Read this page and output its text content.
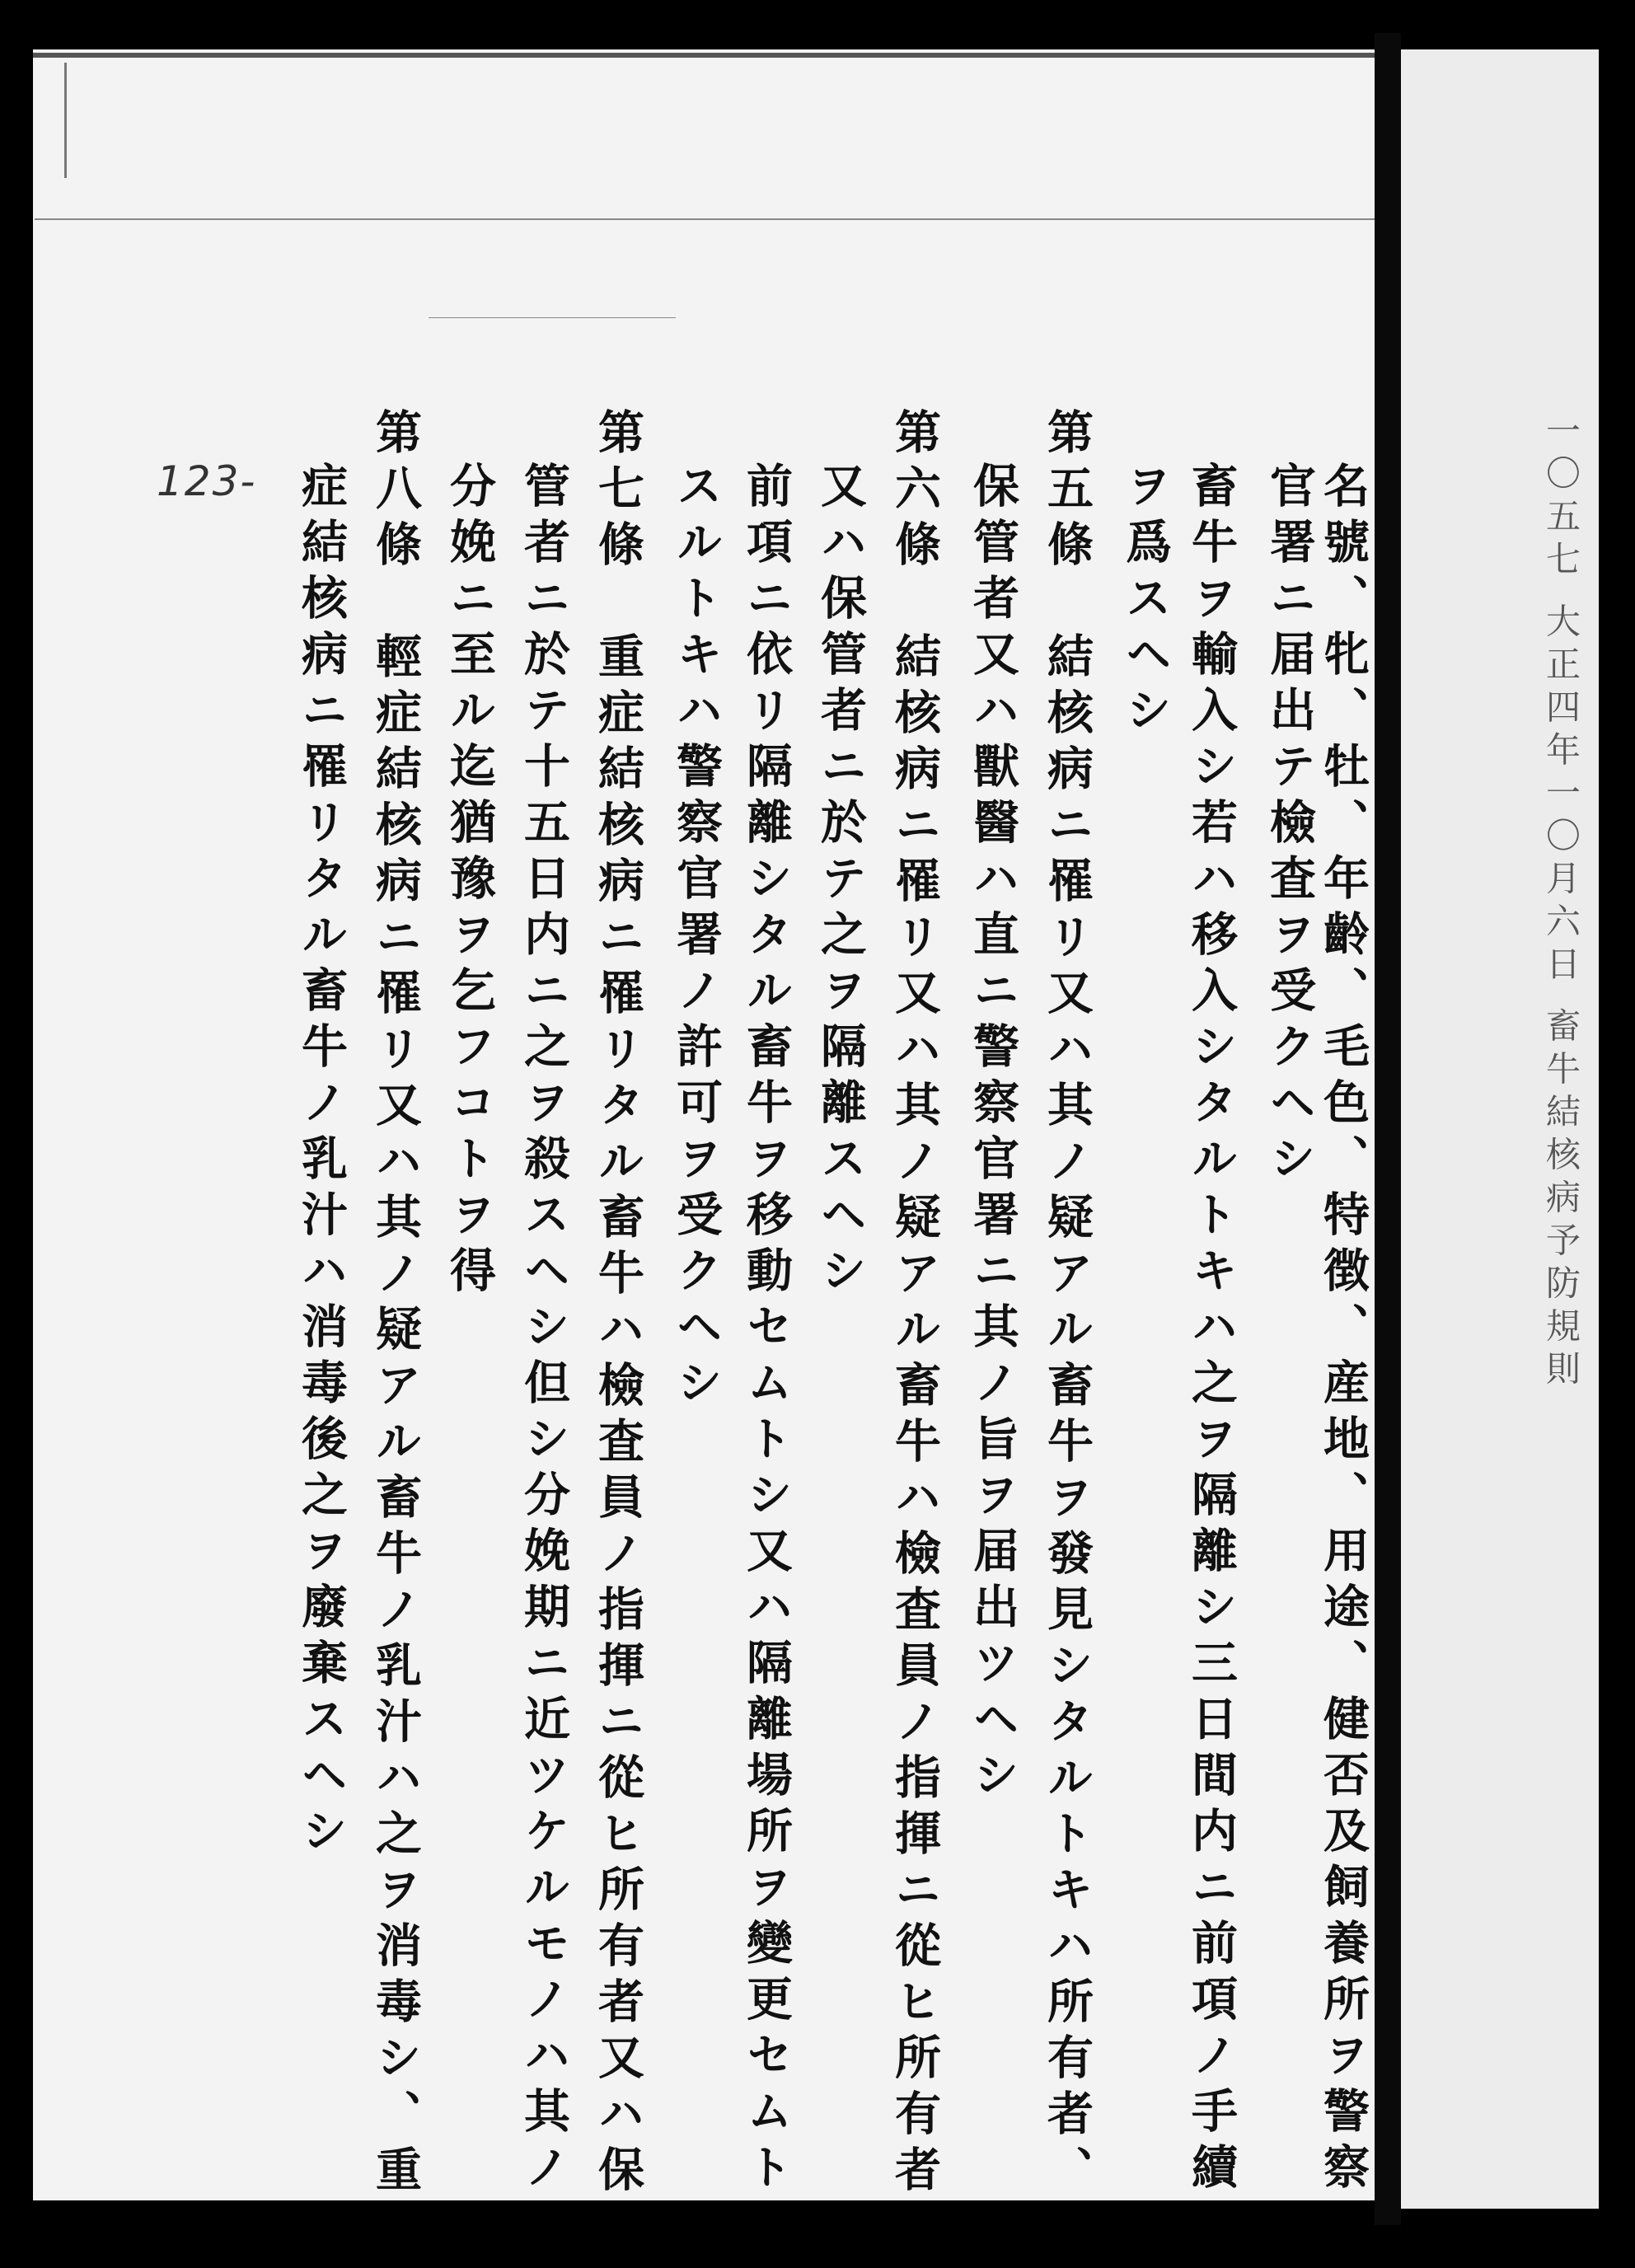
123-	一〇五七 大正四年一〇月六日 畜牛結核病予防規則
名號、牝、牡、年齡、毛色、特徴、産地、用途、健否及飼養所ヲ警察
官署ニ届出テ檢査ヲ受クヘシ
畜牛ヲ輸入シ若ハ移入シタルトキハ之ヲ隔離シ三日間内ニ前項ノ手續
ヲ爲スヘシ
第五條　結核病ニ罹リ又ハ其ノ疑アル畜牛ヲ發見シタルトキハ所有者、
保管者又ハ獸醫ハ直ニ警察官署ニ其ノ旨ヲ届出ツヘシ
第六條　結核病ニ罹リ又ハ其ノ疑アル畜牛ハ檢査員ノ指揮ニ從ヒ所有者
又ハ保管者ニ於テ之ヲ隔離スヘシ
前項ニ依リ隔離シタル畜牛ヲ移動セムトシ又ハ隔離場所ヲ變更セムト
スルトキハ警察官署ノ許可ヲ受クヘシ
第七條　重症結核病ニ罹リタル畜牛ハ檢査員ノ指揮ニ從ヒ所有者又ハ保
管者ニ於テ十五日内ニ之ヲ殺スヘシ但シ分娩期ニ近ツケルモノハ其ノ
分娩ニ至ル迄猶豫ヲ乞フコトヲ得
第八條　輕症結核病ニ罹リ又ハ其ノ疑アル畜牛ノ乳汁ハ之ヲ消毒シ、重
症結核病ニ罹リタル畜牛ノ乳汁ハ消毒後之ヲ廢棄スヘシ
